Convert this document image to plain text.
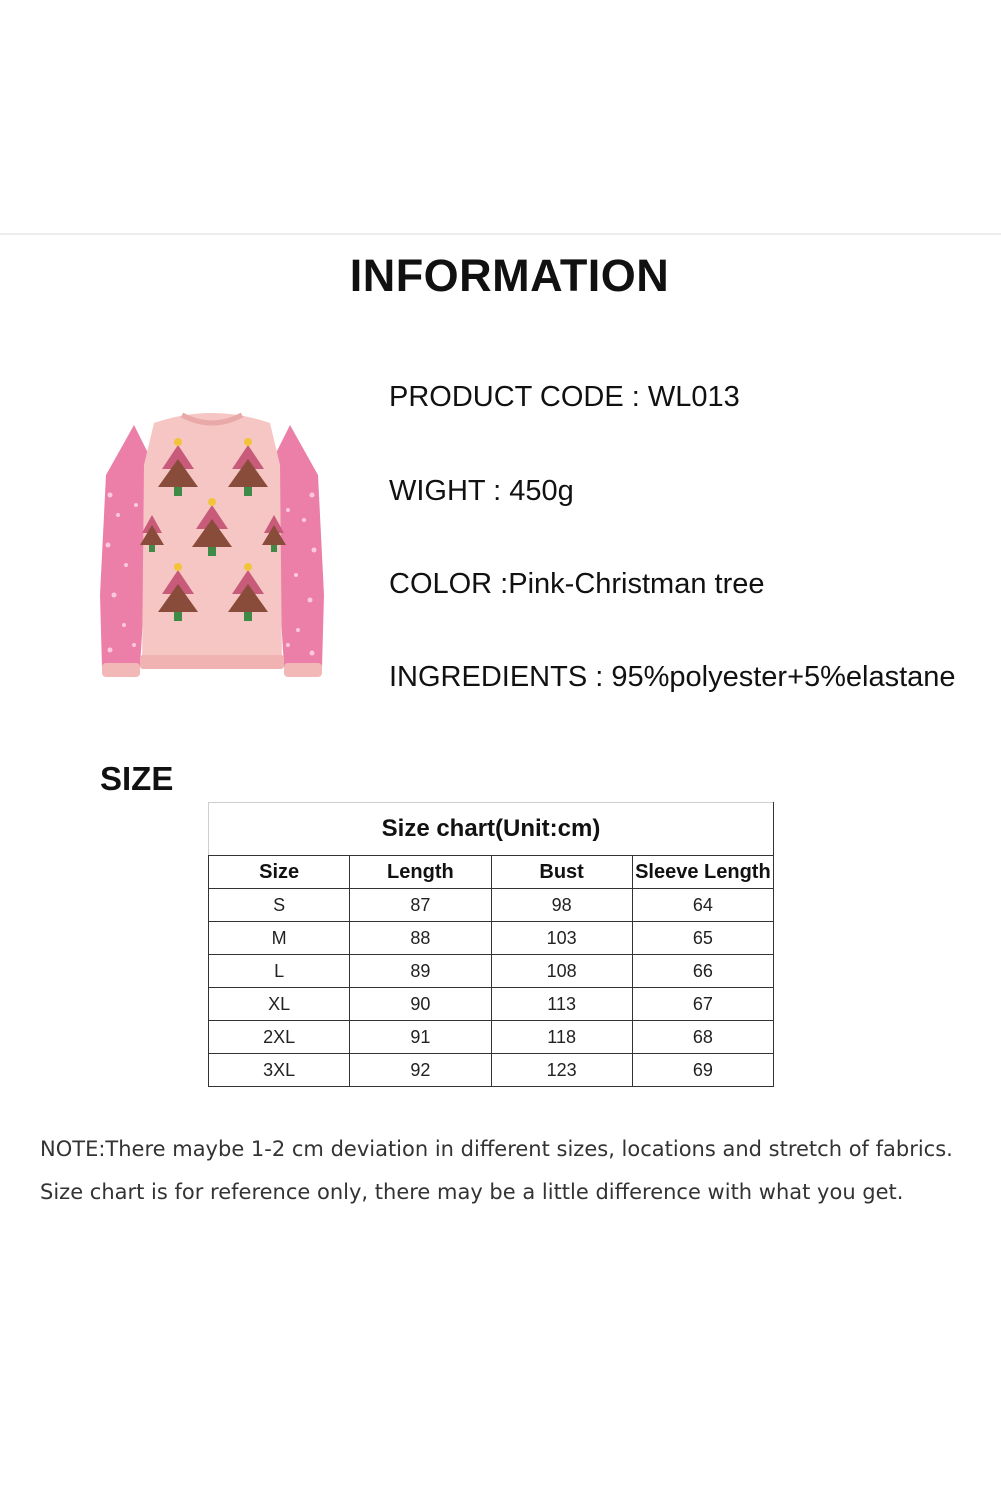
INFORMATION
PRODUCT CODE : WL013
WIGHT : 450g
COLOR :Pink-Christman tree
INGREDIENTS : 95%polyester+5%elastane
SIZE
Size chart(Unit:cm)			
Size	Length	Bust	Sleeve Length
S	87	98	64
M	88	103	65
L	89	108	66
XL	90	113	67
2XL	91	118	68
3XL	92	123	69

NOTE:There maybe 1-2 cm deviation in different sizes, locations and stretch of fabrics.

Size chart is for reference only, there may be a little difference with what you get.
